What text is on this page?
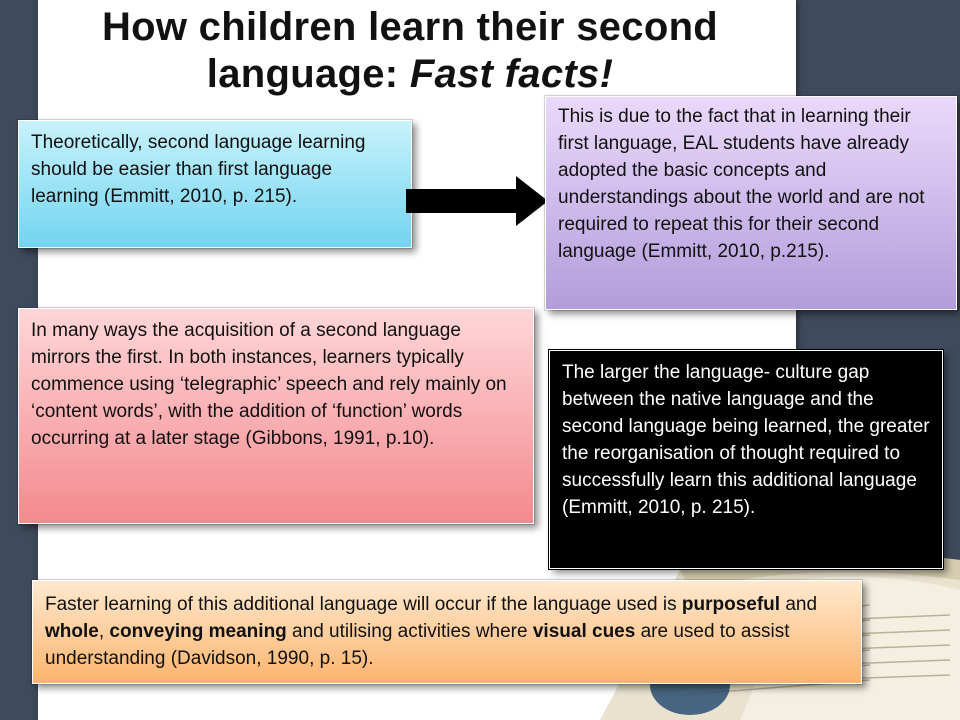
How children learn their second language: Fast facts!
Theoretically, second language learning should be easier than first language learning (Emmitt, 2010, p. 215).
This is due to the fact that in learning their first language, EAL students have already adopted the basic concepts and understandings about the world and are not required to repeat this for their second language (Emmitt, 2010, p.215).
In many ways the acquisition of a second language mirrors the first. In both instances, learners typically commence using ‘telegraphic’ speech and rely mainly on ‘content words’, with the addition of ‘function’ words occurring at a later stage (Gibbons, 1991, p.10).
The larger the language- culture gap between the native language and the second language being learned, the greater the reorganisation of thought required to successfully learn this additional language (Emmitt, 2010, p. 215).
Faster learning of this additional language will occur if the language used is purposeful and whole, conveying meaning and utilising activities where visual cues are used to assist understanding (Davidson, 1990, p. 15).
